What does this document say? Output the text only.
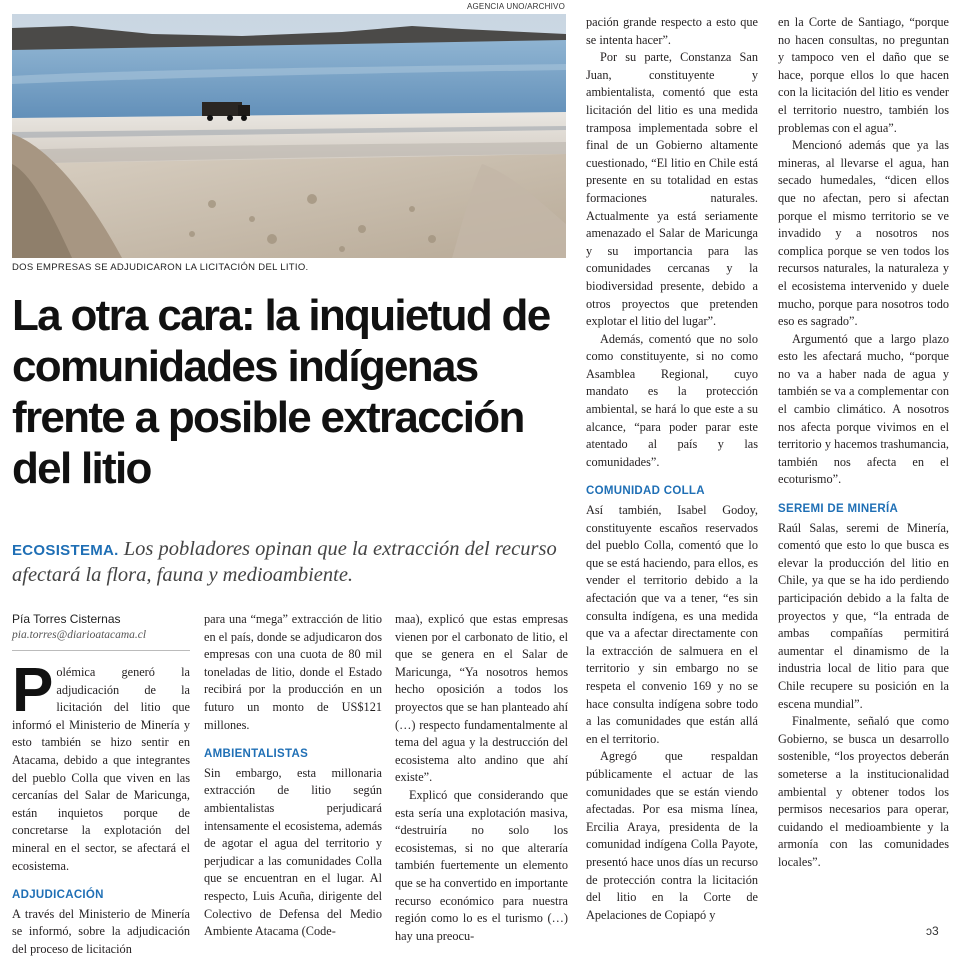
AGENCIA UNO/ARCHIVO
DOS EMPRESAS SE ADJUDICARON LA LICITACIÓN DEL LITIO.
La otra cara: la inquietud de comunidades indígenas frente a posible extracción del litio
ECOSISTEMA. Los pobladores opinan que la extracción del recurso afectará la flora, fauna y medioambiente.
Pía Torres Cisternas
pia.torres@diarioatacama.cl

Polémica generó la adjudicación de la licitación del litio que informó el Ministerio de Minería y esto también se hizo sentir en Atacama, debido a que integrantes del pueblo Colla que viven en las cercanías del Salar de Maricunga, están inquietos porque de concretarse la explotación del mineral en el sector, se afectará el ecosistema.

ADJUDICACIÓN

A través del Ministerio de Minería se informó, sobre la adjudicación del proceso de licitación

para una “mega” extracción de litio en el país, donde se adjudicaron dos empresas con una cuota de 80 mil toneladas de litio, donde el Estado recibirá por la producción en un futuro un monto de US$121 millones.

AMBIENTALISTAS

Sin embargo, esta millonaria extracción de litio según ambientalistas perjudicará intensamente el ecosistema, además de agotar el agua del territorio y perjudicar a las comunidades Colla que se encuentran en el lugar. Al respecto, Luis Acuña, dirigente del Colectivo de Defensa del Medio Ambiente Atacama (Code-

maa), explicó que estas empresas vienen por el carbonato de litio, el que se genera en el Salar de Maricunga, “Ya nosotros hemos hecho oposición a todos los proyectos que se han planteado ahí (…) respecto fundamentalmente al tema del agua y la destrucción del ecosistema alto andino que ahí existe”.

Explicó que considerando que esta sería una explotación masiva, “destruiría no solo los ecosistemas, si no que alteraría también fuertemente un elemento que se ha convertido en importante recurso económico para nuestra región como lo es el turismo (…) hay una preocu-

pación grande respecto a esto que se intenta hacer”.

Por su parte, Constanza San Juan, constituyente y ambientalista, comentó que esta licitación del litio es una medida tramposa implementada sobre el final de un Gobierno altamente cuestionado, “El litio en Chile está presente en su totalidad en estas formaciones naturales. Actualmente ya está seriamente amenazado el Salar de Maricunga y su importancia para las comunidades cercanas y la biodiversidad presente, debido a otros proyectos que pretenden explotar el litio del lugar”.

Además, comentó que no solo como constituyente, si no como Asamblea Regional, cuyo mandato es la protección ambiental, se hará lo que este a su alcance, “para poder parar este atentado al país y las comunidades”.

COMUNIDAD COLLA

Así también, Isabel Godoy, constituyente escaños reservados del pueblo Colla, comentó que lo que se está haciendo, para ellos, es vender el territorio debido a la afectación que va a tener, “es sin consulta indígena, es una medida que va a afectar directamente con la extracción de salmuera en el territorio y sin embargo no se respeta el convenio 169 y no se hace consulta indígena sobre todo a las comunidades que están allá en el territorio.

Agregó que respaldan públicamente el actuar de las comunidades que se están viendo afectadas. Por esa misma línea, Ercilia Araya, presidenta de la comunidad indígena Colla Payote, presentó hace unos días un recurso de protección contra la licitación del litio en la Corte de Apelaciones de Copiapó y

en la Corte de Santiago, “porque no hacen consultas, no preguntan y tampoco ven el daño que se hace, porque ellos lo que hacen con la licitación del litio es vender el territorio nuestro, también los problemas con el agua”.

Mencionó además que ya las mineras, al llevarse el agua, han secado humedales, “dicen ellos que no afectan, pero si afectan porque el mismo territorio se ve invadido y a nosotros nos complica porque se ven todos los recursos naturales, la naturaleza y el ecosistema intervenido y duele mucho, porque para nosotros todo eso es sagrado”.

Argumentó que a largo plazo esto les afectará mucho, “porque no va a haber nada de agua y también se va a complementar con el cambio climático. A nosotros nos afecta porque vivimos en el territorio y hacemos trashumancia, también nos afecta en el ecoturismo”.

SEREMI DE MINERÍA

Raúl Salas, seremi de Minería, comentó que esto lo que busca es elevar la producción del litio en Chile, ya que se ha ido perdiendo participación debido a la falta de proyectos y que, “la entrada de ambas compañías permitirá aumentar el dinamismo de la industria local de litio para que Chile recupere su posición en la escena mundial”.

Finalmente, señaló que como Gobierno, se busca un desarrollo sostenible, “los proyectos deberán someterse a la institucionalidad ambiental y obtener todos los permisos necesarios para operar, cuidando el medioambiente y la armonía con las comunidades locales”.

ↄ3
